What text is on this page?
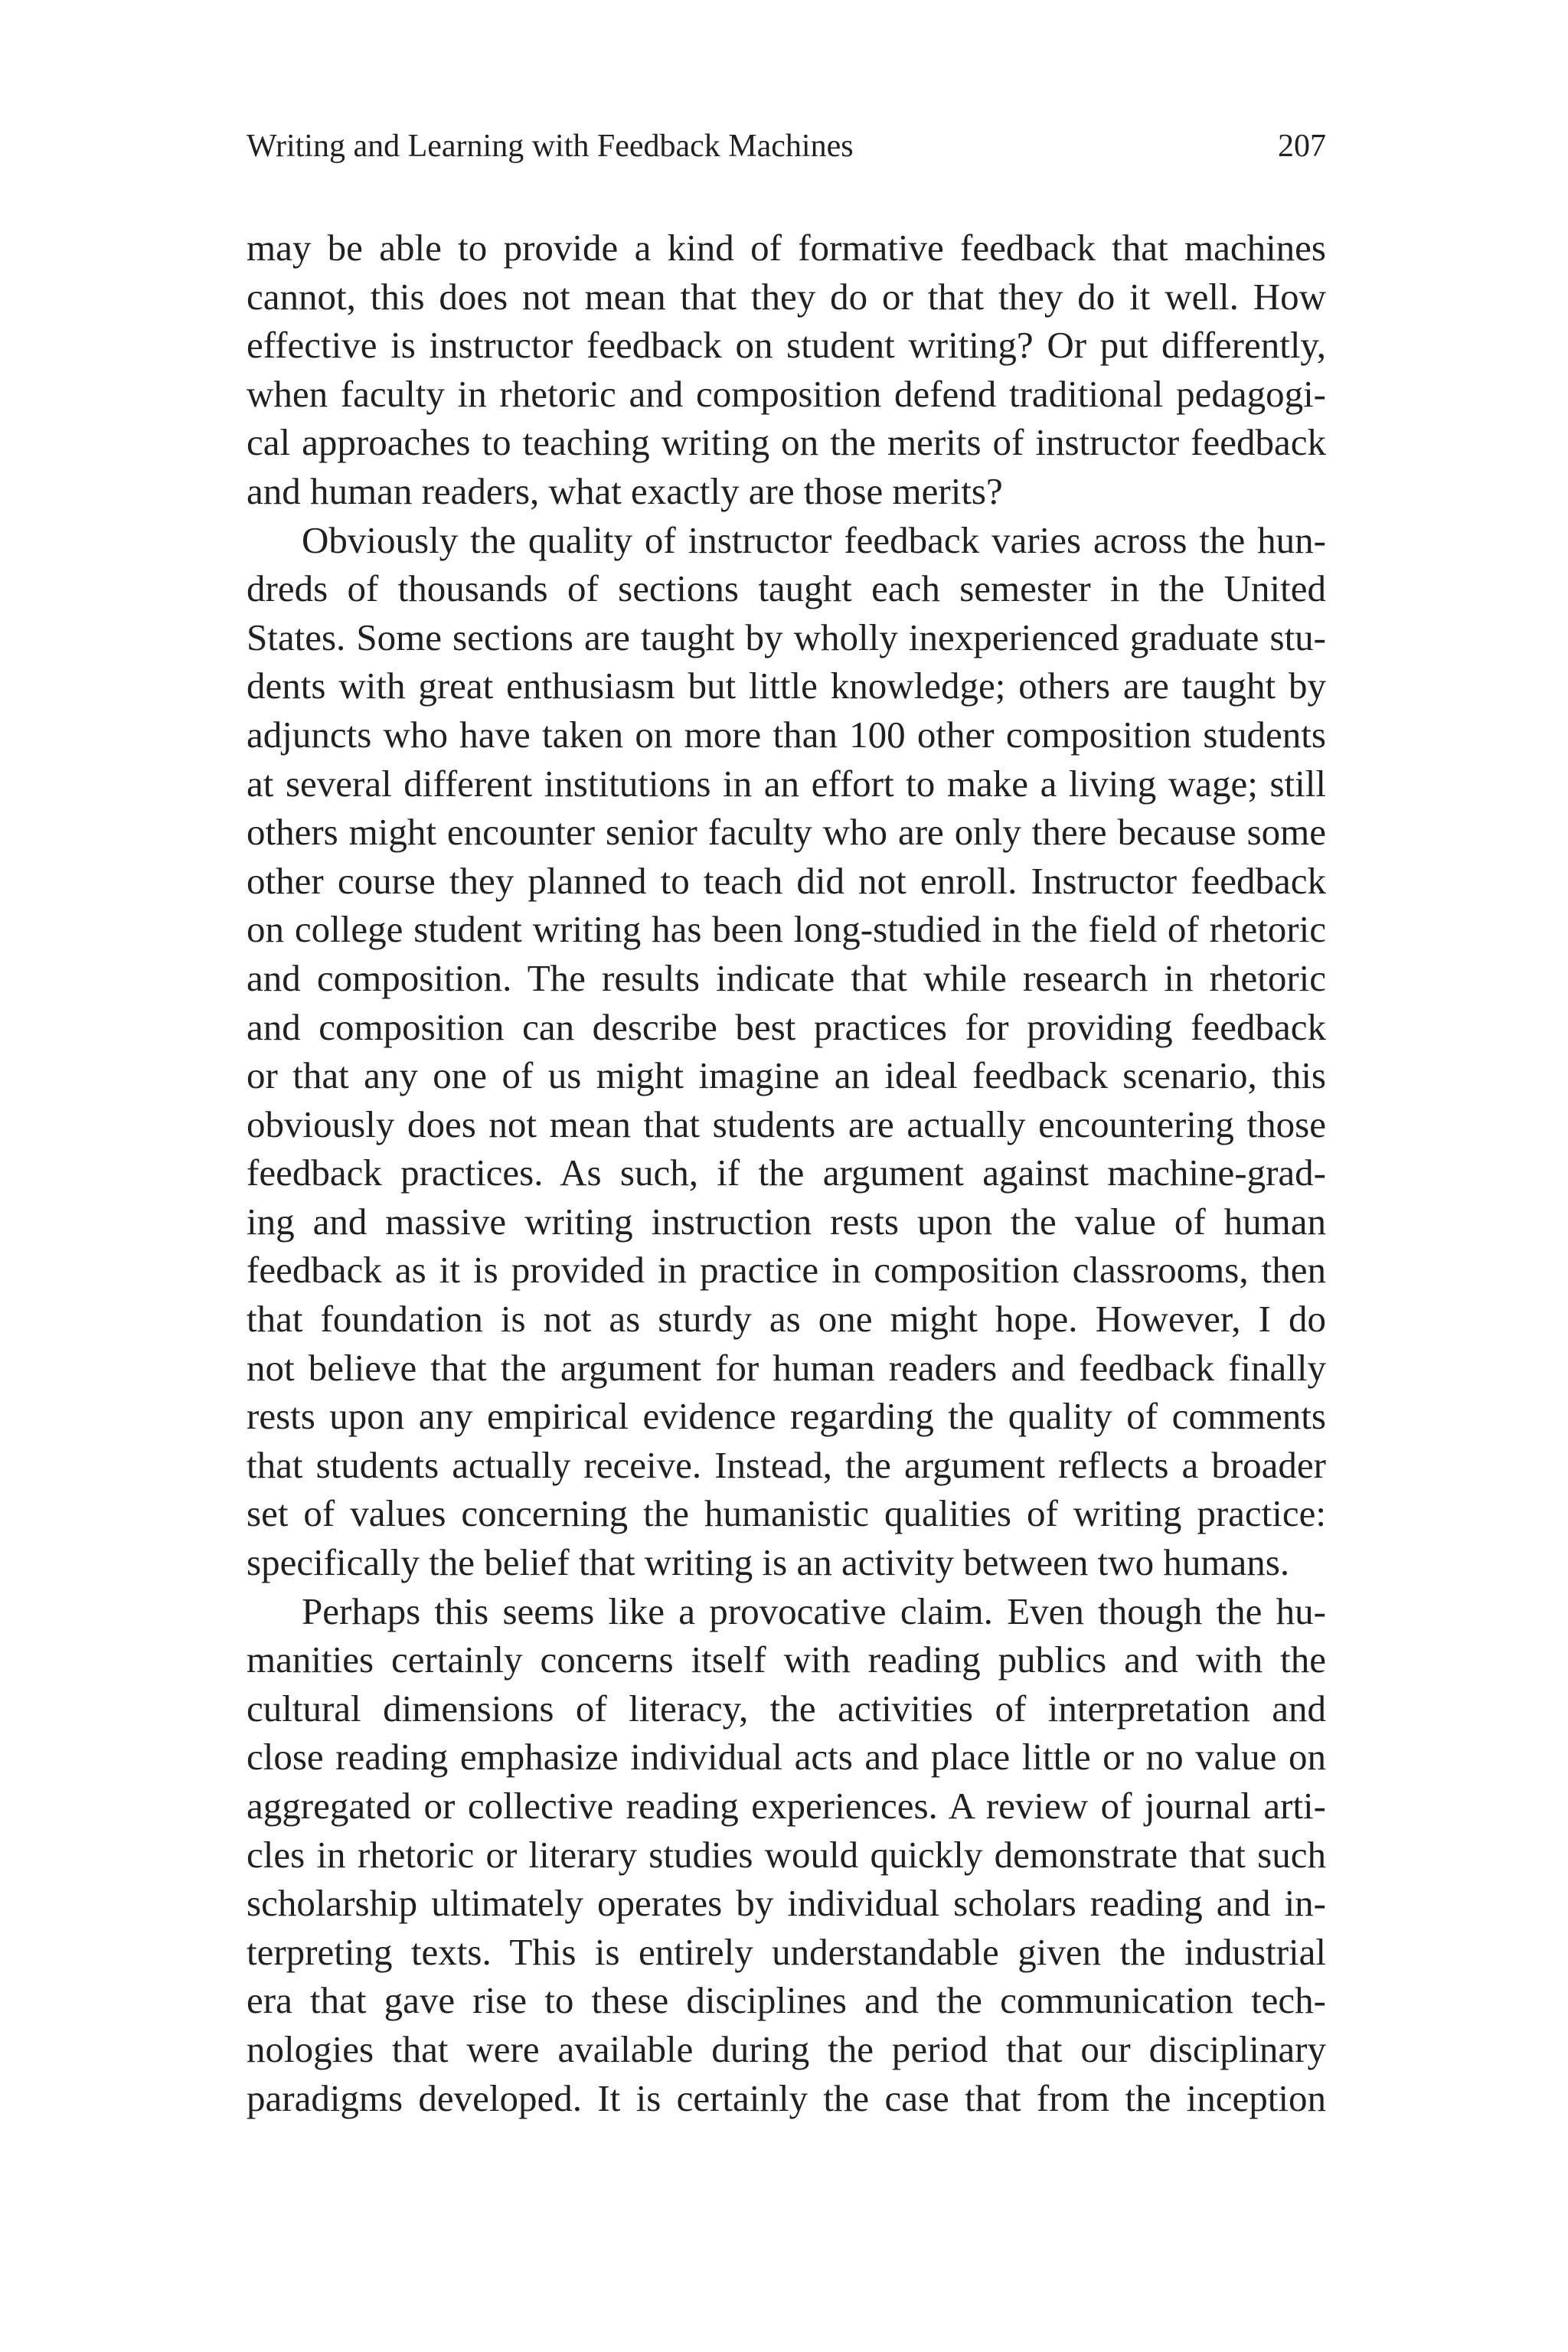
Writing and Learning with Feedback Machines	207
may be able to provide a kind of formative feedback that machines
cannot, this does not mean that they do or that they do it well. How
effective is instructor feedback on student writing? Or put differently,
when faculty in rhetoric and composition defend traditional pedagogi-
cal approaches to teaching writing on the merits of instructor feedback
and human readers, what exactly are those merits?
Obviously the quality of instructor feedback varies across the hun-
dreds of thousands of sections taught each semester in the United
States. Some sections are taught by wholly inexperienced graduate stu-
dents with great enthusiasm but little knowledge; others are taught by
adjuncts who have taken on more than 100 other composition students
at several different institutions in an effort to make a living wage; still
others might encounter senior faculty who are only there because some
other course they planned to teach did not enroll. Instructor feedback
on college student writing has been long-studied in the field of rhetoric
and composition. The results indicate that while research in rhetoric
and composition can describe best practices for providing feedback
or that any one of us might imagine an ideal feedback scenario, this
obviously does not mean that students are actually encountering those
feedback practices. As such, if the argument against machine-grad-
ing and massive writing instruction rests upon the value of human
feedback as it is provided in practice in composition classrooms, then
that foundation is not as sturdy as one might hope. However, I do
not believe that the argument for human readers and feedback finally
rests upon any empirical evidence regarding the quality of comments
that students actually receive. Instead, the argument reflects a broader
set of values concerning the humanistic qualities of writing practice:
specifically the belief that writing is an activity between two humans.
Perhaps this seems like a provocative claim. Even though the hu-
manities certainly concerns itself with reading publics and with the
cultural dimensions of literacy, the activities of interpretation and
close reading emphasize individual acts and place little or no value on
aggregated or collective reading experiences. A review of journal arti-
cles in rhetoric or literary studies would quickly demonstrate that such
scholarship ultimately operates by individual scholars reading and in-
terpreting texts. This is entirely understandable given the industrial
era that gave rise to these disciplines and the communication tech-
nologies that were available during the period that our disciplinary
paradigms developed. It is certainly the case that from the inception
